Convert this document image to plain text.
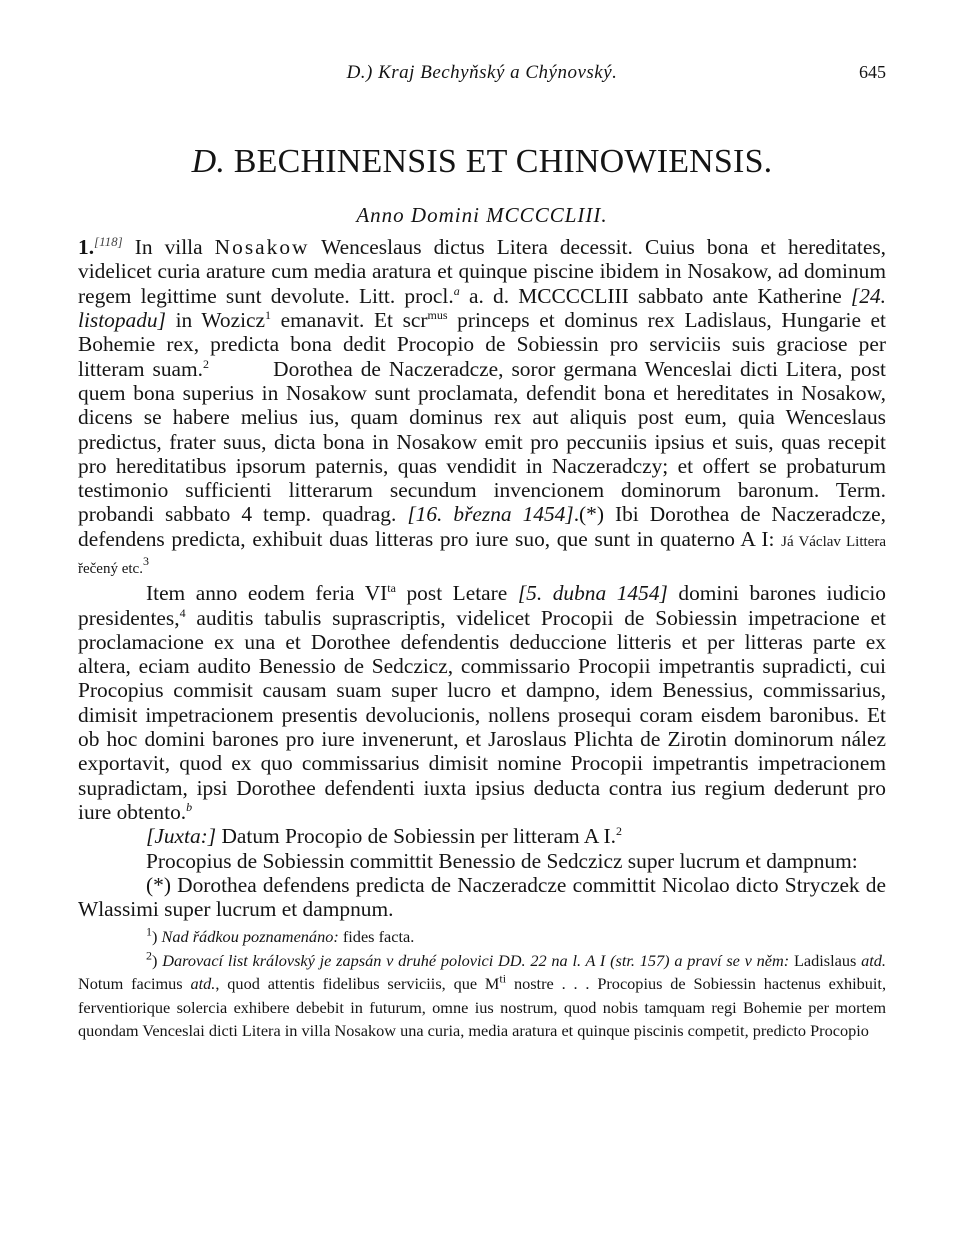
D.) Kraj Bechyňský a Chýnovský.	645
D. BECHINENSIS ET CHINOWIENSIS.
Anno Domini MCCCCLIII.

1.[118] In villa Nosakow Wenceslaus dictus Litera decessit. Cuius bona et hereditates, videlicet curia arature cum media aratura et quinque piscine ibidem in Nosakow, ad dominum regem legittime sunt devolute. Litt. procl.$^a$ a. d. MCCCCLIII sabbato ante Katherine [24. listopadu] in Wozicz$^1$ emanavit. Et scr$^{mus}$ princeps et dominus rex Ladislaus, Hungarie et Bohemie rex, predicta bona dedit Procopio de Sobiessin pro serviciis suis graciose per litteram suam.$^2$   	Dorothea de Naczeradcze, soror germana Wenceslai dicti Litera, post quem bona superius in Nosakow sunt proclamata, defendit bona et hereditates in Nosakow, dicens se habere melius ius, quam dominus rex aut aliquis post eum, quia Wenceslaus predictus, frater suus, dicta bona in Nosakow emit pro peccuniis ipsius et suis, quas recepit pro hereditatibus ipsorum paternis, quas vendidit in Naczeradczy; et offert se probaturum testimonio sufficienti litterarum secundum invencionem dominorum baronum. Term. probandi sabbato 4 temp. quadrag. [16. března 1454].(*) Ibi Dorothea de Naczeradcze, defendens predicta, exhibuit duas litteras pro iure suo, que sunt in quaterno A I: Já Václav Littera řečený etc.$^3$

Item anno eodem feria $VI^{ta}$ post Letare [5. dubna 1454] domini barones iudicio presidentes,$^4$ auditis tabulis suprascriptis, videlicet Procopii de Sobiessin impetracione et proclamacione ex una et Dorothee defendentis deduccione litteris et per litteras parte ex altera, eciam audito Benessio de Sedczicz, commissario Procopii impetrantis supradicti, cui Procopius commisit causam suam super lucro et dampno, idem Benessius, commissarius, dimisit impetracionem presentis devolucionis, nollens prosequi coram eisdem baronibus. Et ob hoc domini barones pro iure invenerunt, et Jaroslaus Plichta de Zirotin dominorum nález exportavit, quod ex quo commissarius dimisit nomine Procopii impetrantis impetracionem supradictam, ipsi Dorothee defendenti iuxta ipsius deducta contra ius regium dederunt pro iure obtento.$^b$

[Juxta:] Datum Procopio de Sobiessin per litteram A I.$^2$

Procopius de Sobiessin committit Benessio de Sedczicz super lucrum et dampnum:

(*) Dorothea defendens predicta de Naczeradcze committit Nicolao dicto Stryczek de Wlassimi super lucrum et dampnum.

$^1$) Nad řádkou poznamenáno: fides facta.

$^2$) Darovací list královský je zapsán v druhé polovici DD. 22 na l. A I (str. 157) a praví se v něm: Ladislaus atd. Notum facimus atd., quod attentis fidelibus serviciis, que $M^{ti}$ nostre . . . Procopius de Sobiessin hactenus exhibuit, ferventiorique solercia exhibere debebit in futurum, omne ius nostrum, quod nobis tamquam regi Bohemie per mortem quondam Venceslai dicti Litera in villa Nosakow una curia, media aratura et quinque piscinis competit, predicto Procopio
